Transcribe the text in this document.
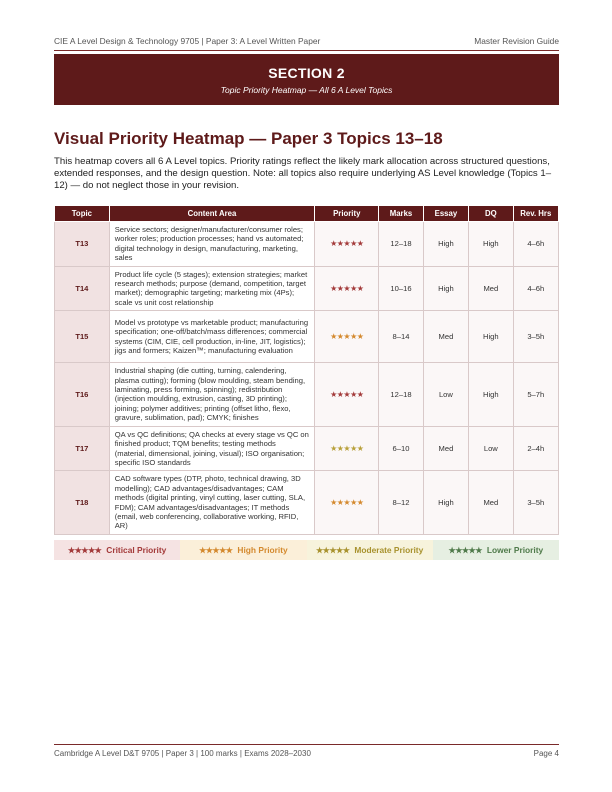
CIE A Level Design & Technology 9705 | Paper 3: A Level Written Paper	Master Revision Guide
SECTION 2
Topic Priority Heatmap — All 6 A Level Topics
Visual Priority Heatmap — Paper 3 Topics 13–18
This heatmap covers all 6 A Level topics. Priority ratings reflect the likely mark allocation across structured questions, extended responses, and the design question. Note: all topics also require underlying AS Level knowledge (Topics 1–12) — do not neglect those in your revision.
Topic	Content Area	Priority	Marks	Essay	DQ	Rev. Hrs
T13	Service sectors; designer/manufacturer/consumer roles; worker roles; production processes; hand vs automated; digital technology in design, manufacturing, marketing, sales	★★★★★	12–18	High	High	4–6h
T14	Product life cycle (5 stages); extension strategies; market research methods; purpose (demand, competition, target market); demographic targeting; marketing mix (4Ps); scale vs unit cost relationship	★★★★★	10–16	High	Med	4–6h
T15	Model vs prototype vs marketable product; manufacturing specification; one-off/batch/mass differences; commercial systems (CIM, CIE, cell production, in-line, JIT, logistics); jigs and formers; Kaizen™; manufacturing evaluation	★★★★★	8–14	Med	High	3–5h
T16	Industrial shaping (die cutting, turning, calendering, plasma cutting); forming (blow moulding, steam bending, laminating, press forming, spinning); redistribution (injection moulding, extrusion, casting, 3D printing); joining; polymer additives; printing (offset litho, flexo, gravure, sublimation, pad); CMYK; finishes	★★★★★	12–18	Low	High	5–7h
T17	QA vs QC definitions; QA checks at every stage vs QC on finished product; TQM benefits; testing methods (material, dimensional, joining, visual); ISO organisation; specific ISO standards	★★★★★	6–10	Med	Low	2–4h
T18	CAD software types (DTP, photo, technical drawing, 3D modelling); CAD advantages/disadvantages; CAM methods (digital printing, vinyl cutting, laser cutting, SLA, FDM); CAM advantages/disadvantages; IT methods (email, web conferencing, collaborative working, RFID, AR)	★★★★★	8–12	High	Med	3–5h
★★★★★ Critical Priority	★★★★★ High Priority	★★★★★ Moderate Priority	★★★★★ Lower Priority
Cambridge A Level D&T 9705 | Paper 3 | 100 marks | Exams 2028–2030	Page 4
